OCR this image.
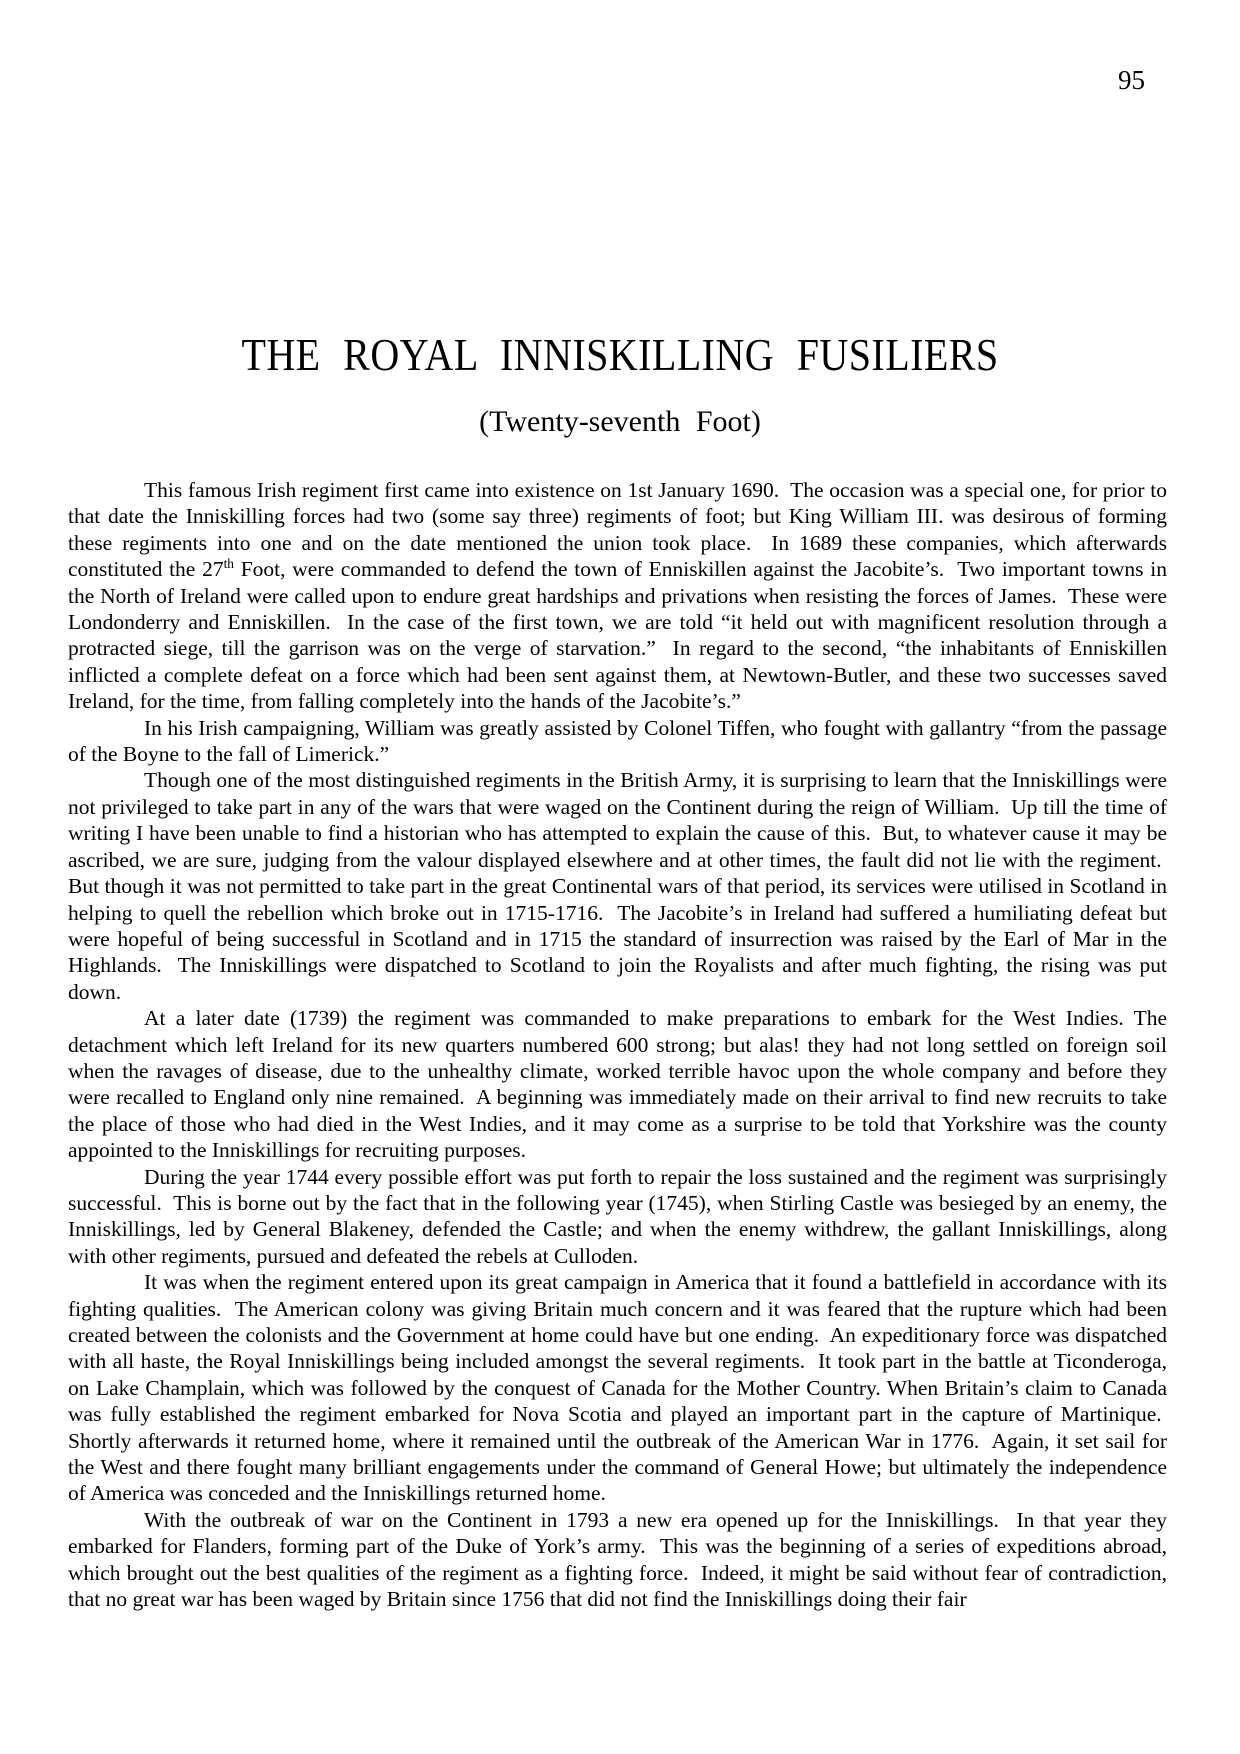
95
THE ROYAL INNISKILLING FUSILIERS
(Twenty-seventh Foot)

This famous Irish regiment first came into existence on 1st January 1690.  The occasion was a special one, for prior to that date the Inniskilling forces had two (some say three) regiments of foot; but King William III. was desirous of forming these regiments into one and on the date mentioned the union took place.  In 1689 these companies, which afterwards constituted the 27th Foot, were commanded to defend the town of Enniskillen against the Jacobite’s.  Two important towns in the North of Ireland were called upon to endure great hardships and privations when resisting the forces of James.  These were Londonderry and Enniskillen.  In the case of the first town, we are told “it held out with magnificent resolution through a protracted siege, till the garrison was on the verge of starvation.”  In regard to the second, “the inhabitants of Enniskillen inflicted a complete defeat on a force which had been sent against them, at Newtown-Butler, and these two successes saved Ireland, for the time, from falling completely into the hands of the Jacobite’s.”

In his Irish campaigning, William was greatly assisted by Colonel Tiffen, who fought with gallantry “from the passage of the Boyne to the fall of Limerick.”

Though one of the most distinguished regiments in the British Army, it is surprising to learn that the Inniskillings were not privileged to take part in any of the wars that were waged on the Continent during the reign of William.  Up till the time of writing I have been unable to find a historian who has attempted to explain the cause of this.  But, to whatever cause it may be ascribed, we are sure, judging from the valour displayed elsewhere and at other times, the fault did not lie with the regiment.  But though it was not permitted to take part in the great Continental wars of that period, its services were utilised in Scotland in helping to quell the rebellion which broke out in 1715-1716.  The Jacobite’s in Ireland had suffered a humiliating defeat but were hopeful of being successful in Scotland and in 1715 the standard of insurrection was raised by the Earl of Mar in the Highlands.  The Inniskillings were dispatched to Scotland to join the Royalists and after much fighting, the rising was put down.

At a later date (1739) the regiment was commanded to make preparations to embark for the West Indies. The detachment which left Ireland for its new quarters numbered 600 strong; but alas! they had not long settled on foreign soil when the ravages of disease, due to the unhealthy climate, worked terrible havoc upon the whole company and before they were recalled to England only nine remained.  A beginning was immediately made on their arrival to find new recruits to take the place of those who had died in the West Indies, and it may come as a surprise to be told that Yorkshire was the county appointed to the Inniskillings for recruiting purposes.

During the year 1744 every possible effort was put forth to repair the loss sustained and the regiment was surprisingly successful.  This is borne out by the fact that in the following year (1745), when Stirling Castle was besieged by an enemy, the Inniskillings, led by General Blakeney, defended the Castle; and when the enemy withdrew, the gallant Inniskillings, along with other regiments, pursued and defeated the rebels at Culloden.

It was when the regiment entered upon its great campaign in America that it found a battlefield in accordance with its fighting qualities.  The American colony was giving Britain much concern and it was feared that the rupture which had been created between the colonists and the Government at home could have but one ending.  An expeditionary force was dispatched with all haste, the Royal Inniskillings being included amongst the several regiments.  It took part in the battle at Ticonderoga, on Lake Champlain, which was followed by the conquest of Canada for the Mother Country. When Britain’s claim to Canada was fully established the regiment embarked for Nova Scotia and played an important part in the capture of Martinique.  Shortly afterwards it returned home, where it remained until the outbreak of the American War in 1776.  Again, it set sail for the West and there fought many brilliant engagements under the command of General Howe; but ultimately the independence of America was conceded and the Inniskillings returned home.

With the outbreak of war on the Continent in 1793 a new era opened up for the Inniskillings.  In that year they embarked for Flanders, forming part of the Duke of York’s army.  This was the beginning of a series of expeditions abroad, which brought out the best qualities of the regiment as a fighting force.  Indeed, it might be said without fear of contradiction, that no great war has been waged by Britain since 1756 that did not find the Inniskillings doing their fair
